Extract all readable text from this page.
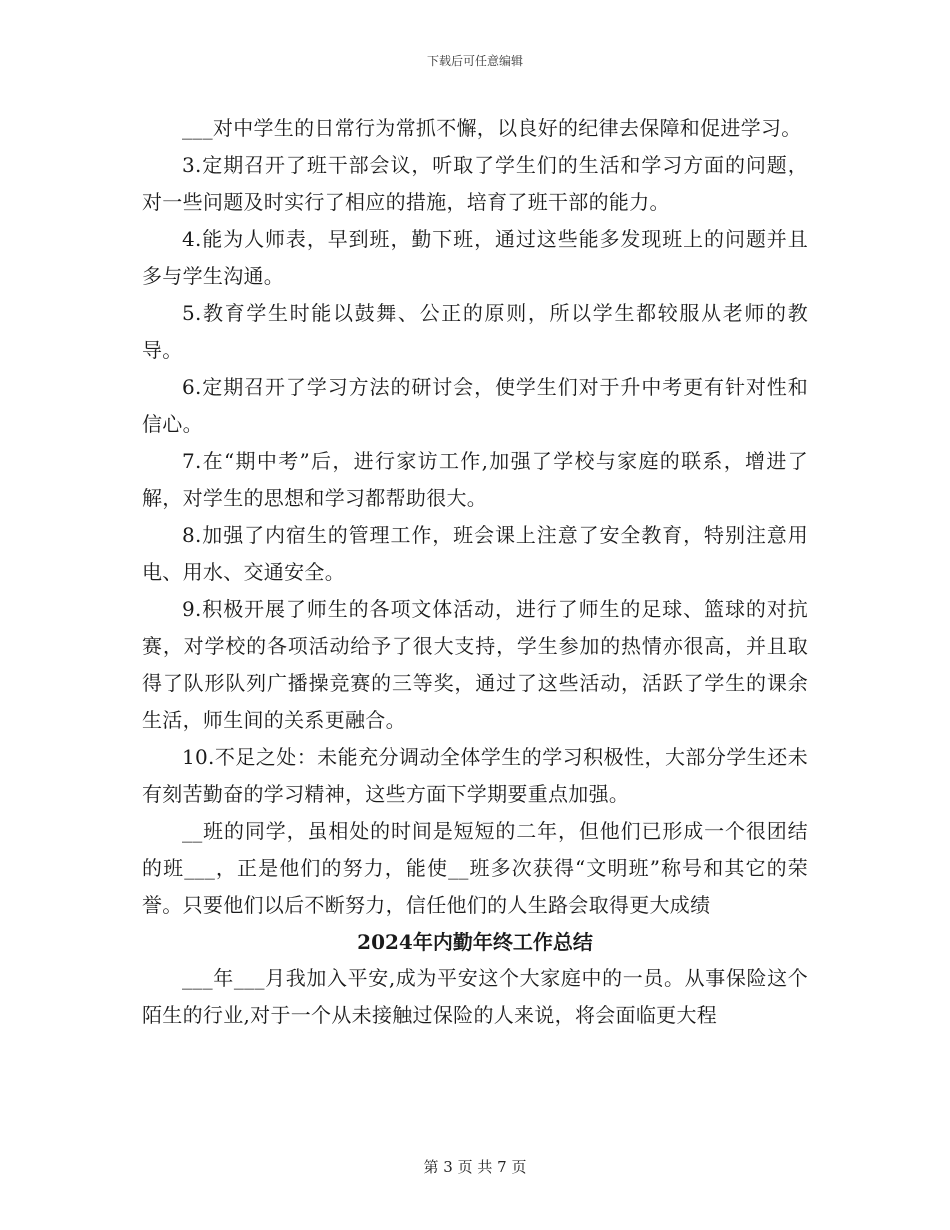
下载后可任意编辑

___对中学生的日常行为常抓不懈，以良好的纪律去保障和促进学习。

3.定期召开了班干部会议，听取了学生们的生活和学习方面的问题，对一些问题及时实行了相应的措施，培育了班干部的能力。

4.能为人师表，早到班，勤下班，通过这些能多发现班上的问题并且多与学生沟通。

5.教育学生时能以鼓舞、公正的原则，所以学生都较服从老师的教导。

6.定期召开了学习方法的研讨会，使学生们对于升中考更有针对性和信心。

7.在“期中考”后，进行家访工作,加强了学校与家庭的联系，增进了解，对学生的思想和学习都帮助很大。

8.加强了内宿生的管理工作，班会课上注意了安全教育，特别注意用电、用水、交通安全。

9.积极开展了师生的各项文体活动，进行了师生的足球、篮球的对抗赛，对学校的各项活动给予了很大支持，学生参加的热情亦很高，并且取得了队形队列广播操竞赛的三等奖，通过了这些活动，活跃了学生的课余生活，师生间的关系更融合。

10.不足之处：未能充分调动全体学生的学习积极性，大部分学生还未有刻苦勤奋的学习精神，这些方面下学期要重点加强。

__班的同学，虽相处的时间是短短的二年，但他们已形成一个很团结的班___，正是他们的努力，能使__班多次获得“文明班”称号和其它的荣誉。只要他们以后不断努力，信任他们的人生路会取得更大成绩

2024年内勤年终工作总结

___年___月我加入平安,成为平安这个大家庭中的一员。从事保险这个陌生的行业,对于一个从未接触过保险的人来说，将会面临更大程

第 3 页 共 7 页
